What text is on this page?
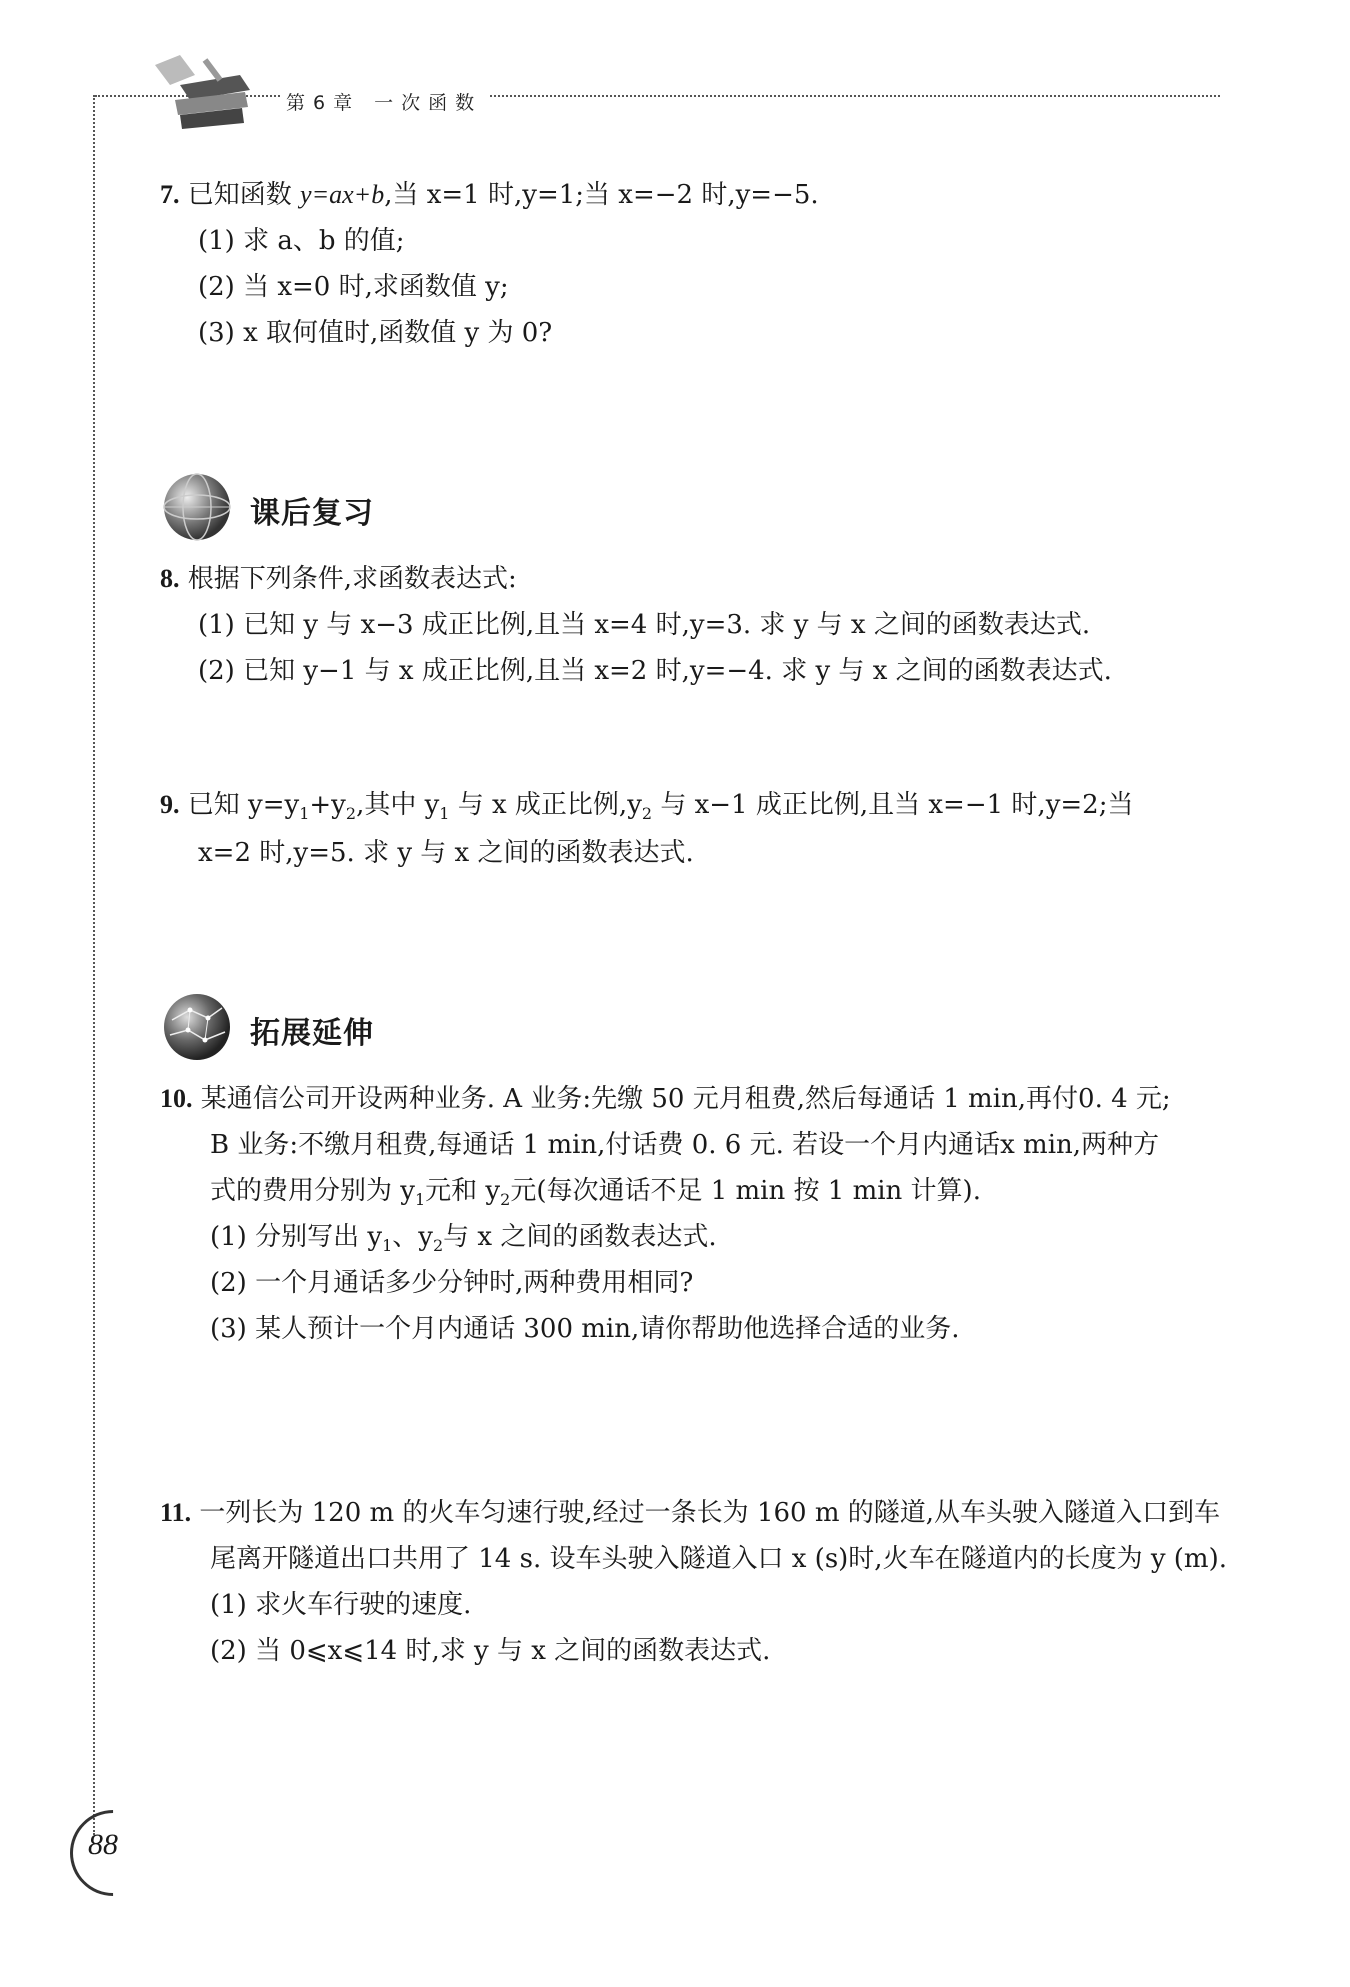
第6章 一次函数
7. 已知函数 y=ax+b,当 x=1 时,y=1;当 x=−2 时,y=−5.
(1) 求 a、b 的值;
(2) 当 x=0 时,求函数值 y;
(3) x 取何值时,函数值 y 为 0?
课后复习
8. 根据下列条件,求函数表达式:
(1) 已知 y 与 x−3 成正比例,且当 x=4 时,y=3. 求 y 与 x 之间的函数表达式.
(2) 已知 y−1 与 x 成正比例,且当 x=2 时,y=−4. 求 y 与 x 之间的函数表达式.
9. 已知 $y=y_1+y_2$,其中 $y_1$ 与 x 成正比例$,y_2$ 与 x−1 成正比例,且当 x=−1 时,y=2;当
x=2 时,y=5. 求 y 与 x 之间的函数表达式.
拓展延伸
10. 某通信公司开设两种业务. A 业务:先缴 50 元月租费,然后每通话 1 min,再付0. 4 元;
B 业务:不缴月租费,每通话 1 min,付话费 0. 6 元. 若设一个月内通话x min,两种方
式的费用分别为 $y_1$元和 $y_2$元(每次通话不足 1 min 按 1 min 计算).
(1) 分别写出 $y_1$、$y_2$与 x 之间的函数表达式.
(2) 一个月通话多少分钟时,两种费用相同?
(3) 某人预计一个月内通话 300 min,请你帮助他选择合适的业务.
11. 一列长为 120 m 的火车匀速行驶,经过一条长为 160 m 的隧道,从车头驶入隧道入口到车
尾离开隧道出口共用了 14 s. 设车头驶入隧道入口 x (s)时,火车在隧道内的长度为 y (m).
(1) 求火车行驶的速度.
(2) 当 0⩽x⩽14 时,求 y 与 x 之间的函数表达式.
88
